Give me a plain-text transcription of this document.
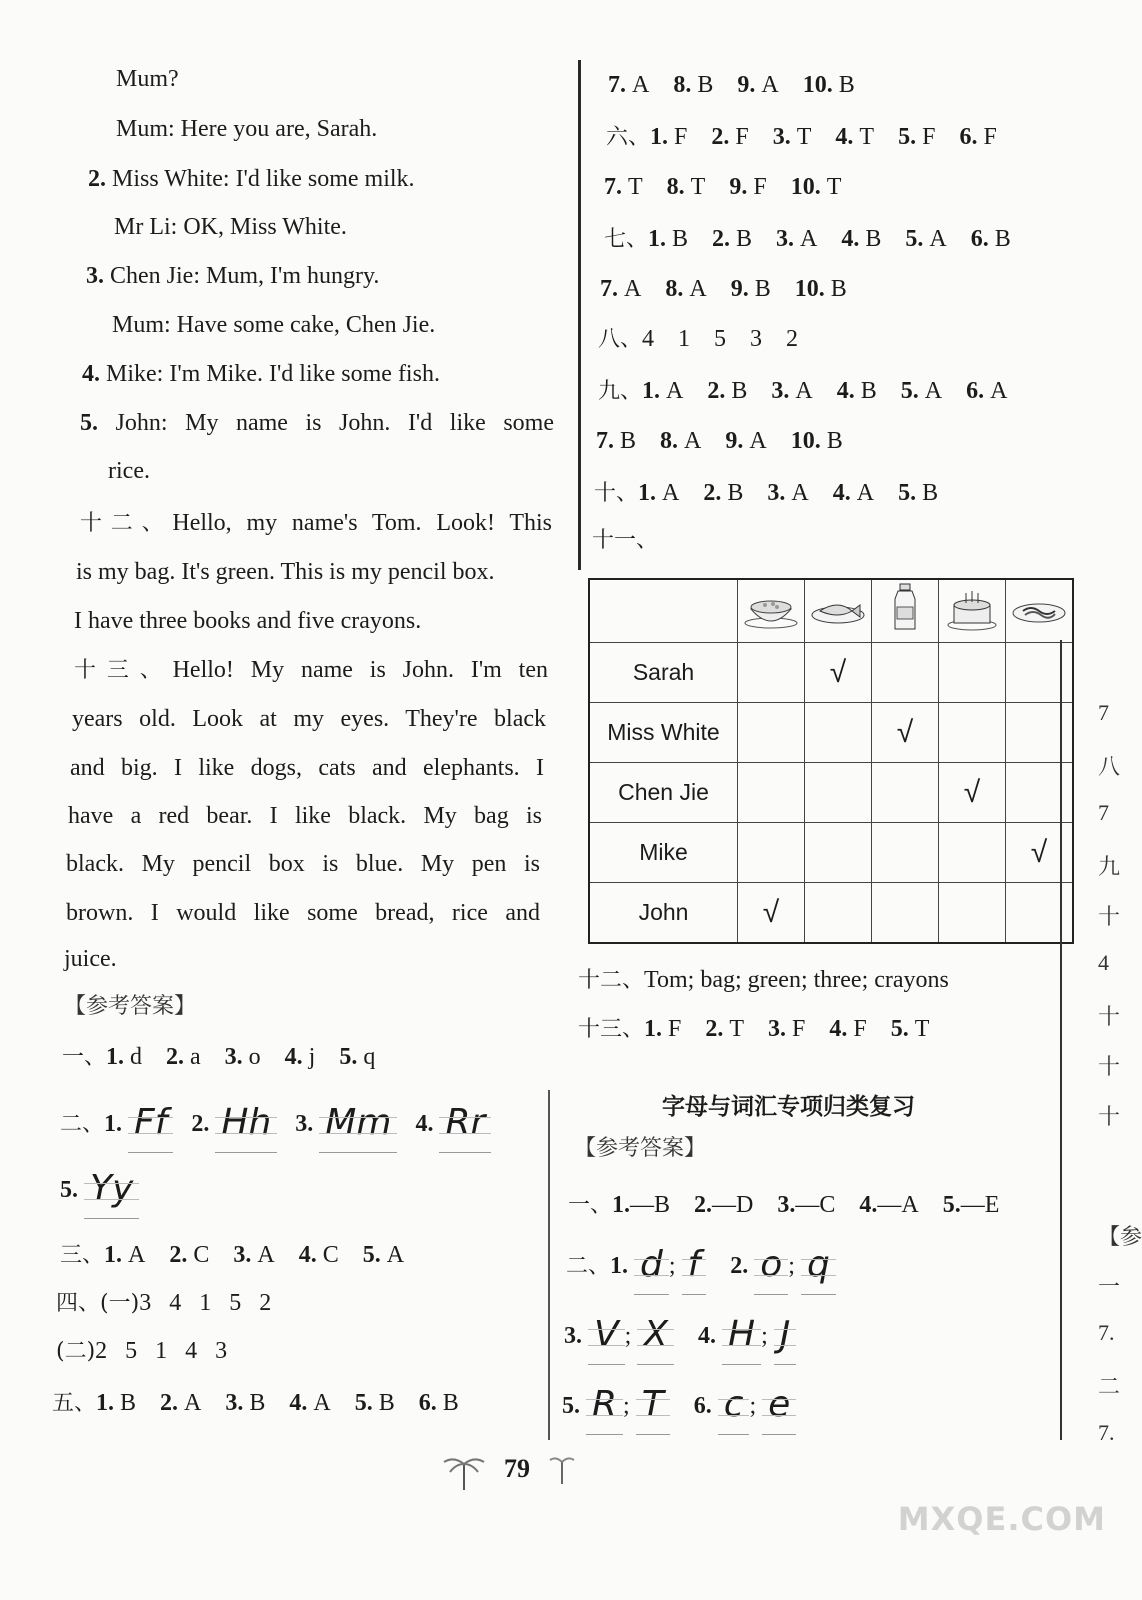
Mum?
Mum: Here you are, Sarah.
2. Miss White: I'd like some milk.
Mr Li: OK, Miss White.
3. Chen Jie: Mum, I'm hungry.
Mum: Have some cake, Chen Jie.
4. Mike: I'm Mike. I'd like some fish.
5. John: My name is John. I'd like some
rice.
十二、Hello, my name's Tom. Look! This
is my bag. It's green. This is my pencil box.
I have three books and five crayons.
十三、Hello! My name is John. I'm ten
years old. Look at my eyes. They're black
and big. I like dogs, cats and elephants. I
have a red bear. I like black. My bag is
black. My pencil box is blue. My pen is
brown. I would like some bread, rice and
juice.
【参考答案】
一、1. d 2. a 3. o 4. j 5. q
二、1. Ff 2. Hh 3. Mm 4. Rr
5. Yy
三、1. A 2. C 3. A 4. C 5. A
四、(一)3   4   1   5   2
(二)2   5   1   4   3
五、1. B 2. A 3. B 4. A 5. B 6. B
7. A 8. B 9. A 10. B
六、1. F 2. F 3. T 4. T 5. F 6. F
7. T 8. T 9. F 10. T
七、1. B 2. B 3. A 4. B 5. A 6. B
7. A 8. A 9. B 10. B
八、4    1    5    3    2
九、1. A 2. B 3. A 4. B 5. A 6. A
7. B 8. A 9. A 10. B
十、1. A 2. B 3. A 4. A 5. B
十一、

Sarah		√			
Miss White			√		
Chen Jie				√	
Mike					√
John	√				
十二、Tom; bag; green; three; crayons
十三、1. F 2. T 3. F 4. F 5. T
字母与词汇专项归类复习
【参考答案】
一、1.—B 2.—D 3.—C 4.—A 5.—E
二、1. d ; f 2. o ; q
3. V ; X 4. H ; J
5. R ; T 6. c ; e
7
八
7
九
十
4
十
十
十
【参
一
7.
二
7.
79
MXQE.COM
